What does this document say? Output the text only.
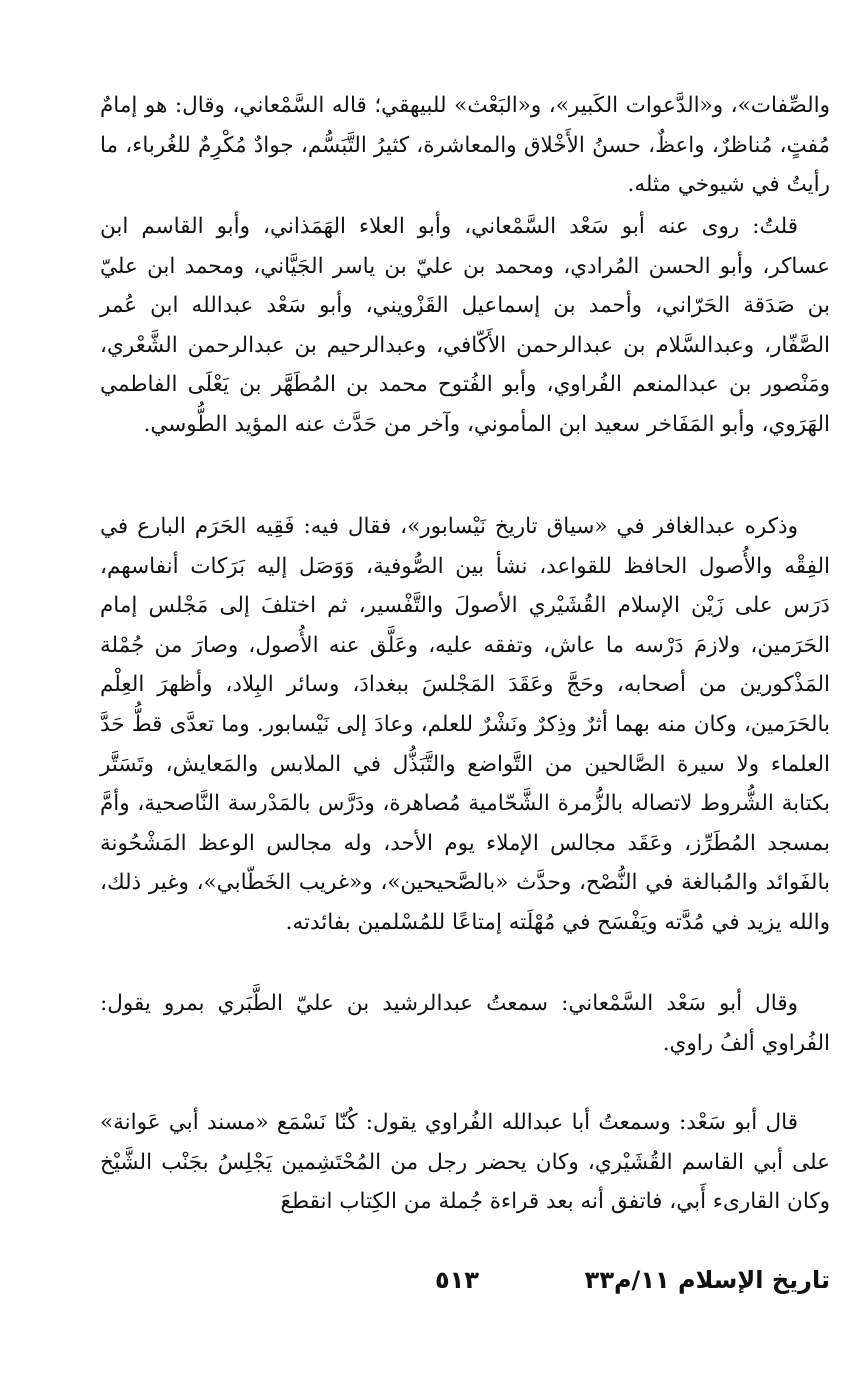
والصِّفات»، و«الدَّعوات الكَبير»، و«البَعْث» للبيهقي؛ قاله السَّمْعاني، وقال: هو إمامٌ مُفتٍ، مُناظرٌ، واعظٌ، حسنُ الأَخْلاق والمعاشرة، كثيرُ التَّبَسُّم، جوادٌ مُكْرِمٌ للغُرباء، ما رأيتُ في شيوخي مثله.

قلتُ: روى عنه أبو سَعْد السَّمْعاني، وأبو العلاء الهَمَذاني، وأبو القاسم ابن عساكر، وأبو الحسن المُرادي، ومحمد بن عليّ بن ياسر الجَيَّاني، ومحمد ابن عليّ بن صَدَقة الحَرّاني، وأحمد بن إسماعيل القَزْويني، وأبو سَعْد عبدالله ابن عُمر الصَّفّار، وعبدالسَّلام بن عبدالرحمن الأَكّافي، وعبدالرحيم بن عبدالرحمن الشَّعْري، ومَنْصور بن عبدالمنعم الفُراوي، وأبو الفُتوح محمد بن المُطَهَّر بن يَعْلَى الفاطمي الهَرَوي، وأبو المَفَاخر سعيد ابن المأموني، وآخر من حَدَّث عنه المؤيد الطُّوسي.

وذكره عبدالغافر في «سياق تاريخ نَيْسابور»، فقال فيه: فَقِيه الحَرَم البارع في الفِقْه والأُصول الحافظ للقواعد، نشأ بين الصُّوفية، وَوَصَل إليه بَرَكات أنفاسهم، دَرَس على زَيْن الإسلام القُشَيْري الأصولَ والتَّفْسير، ثم اختلفَ إلى مَجْلس إمام الحَرَمين، ولازمَ دَرْسه ما عاش، وتفقه عليه، وعَلَّق عنه الأُصول، وصارَ من جُمْلة المَذْكورين من أصحابه، وحَجَّ وعَقَدَ المَجْلسَ ببغدادَ، وسائر البِلاد، وأظهرَ العِلْم بالحَرَمين، وكان منه بهما أثرٌ وذِكرٌ ونَشْرٌ للعلم، وعادَ إلى نَيْسابور. وما تعدَّى قطُّ حَدَّ العلماء ولا سيرة الصَّالحين من التَّواضع والتَّبَذُّل في الملابس والمَعايش، وتَسَتَّر بكتابة الشُّروط لاتصاله بالزُّمرة الشَّحّامية مُصاهرة، ودَرَّس بالمَدْرسة النَّاصحية، وأمَّ بمسجد المُطَرِّز، وعَقَد مجالس الإملاء يوم الأحد، وله مجالس الوعظ المَشْحُونة بالفَوائد والمُبالغة في النُّصْح، وحدَّث «بالصَّحيحين»، و«غريب الخَطّابي»، وغير ذلك، والله يزيد في مُدَّته ويَفْسَح في مُهْلَته إمتاعًا للمُسْلمين بفائدته.

وقال أبو سَعْد السَّمْعاني: سمعتُ عبدالرشيد بن عليّ الطَّبَري بمرو يقول: الفُراوي ألفُ راوي.

قال أبو سَعْد: وسمعتُ أبا عبدالله الفُراوي يقول: كُنّا نَسْمَع «مسند أبي عَوانة» على أبي القاسم القُشَيْري، وكان يحضر رجل من المُحْتَشِمين يَجْلِسُ بجَنْب الشَّيْخ وكان القارىء أَبي، فاتفق أنه بعد قراءة جُملة من الكِتاب انقطعَ

تاريخ الإسلام ١١/م٣٣
٥١٣
